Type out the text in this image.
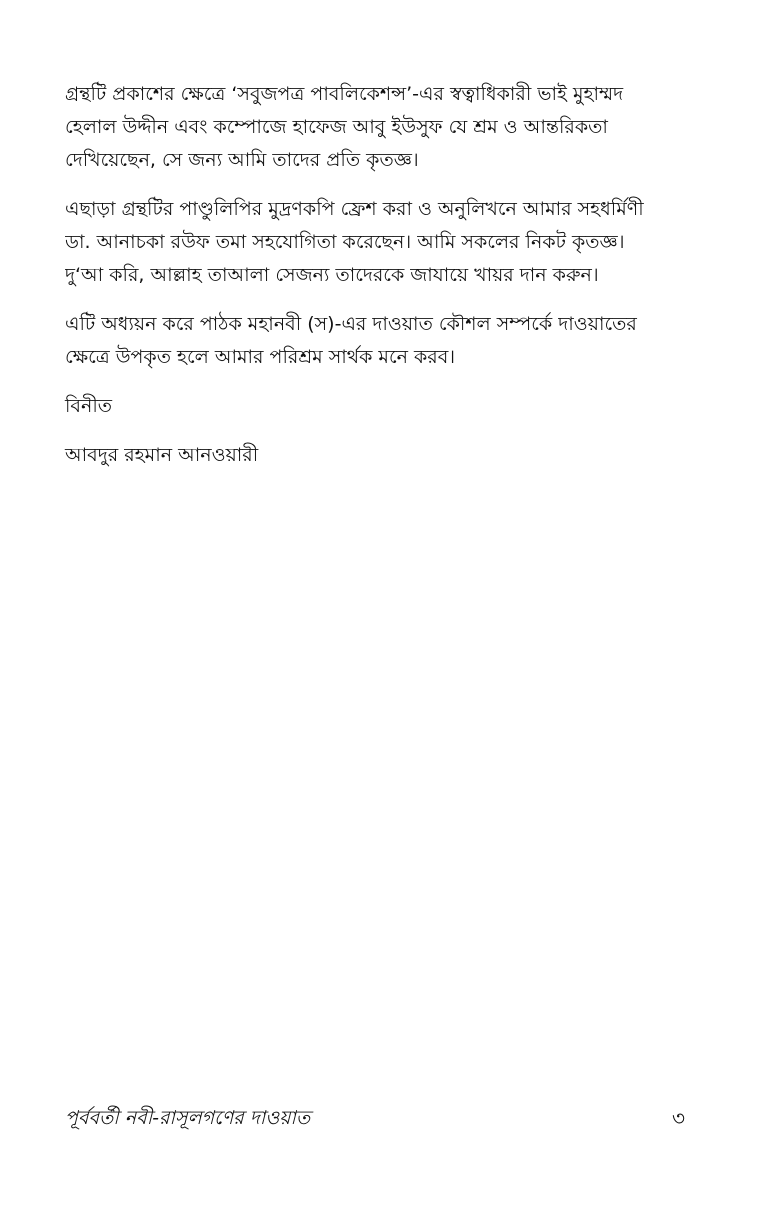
গ্রন্থটি প্রকাশের ক্ষেত্রে ‘সবুজপত্র পাবলিকেশন্স’-এর স্বত্বাধিকারী ভাই মুহাম্মদ
হেলাল উদ্দীন এবং কম্পোজে হাফেজ আবু ইউসুফ যে শ্রম ও আন্তরিকতা
দেখিয়েছেন, সে জন্য আমি তাদের প্রতি কৃতজ্ঞ।

এছাড়া গ্রন্থটির পাণ্ডুলিপির মুদ্রণকপি ফ্রেশ করা ও অনুলিখনে আমার সহধর্মিণী
ডা. আনাচকা রউফ তমা সহযোগিতা করেছেন। আমি সকলের নিকট কৃতজ্ঞ।
দু‘আ করি, আল্লাহ তাআলা সেজন্য তাদেরকে জাযায়ে খায়র দান করুন।

এটি অধ্যয়ন করে পাঠক মহানবী (স)-এর দাওয়াত কৌশল সম্পর্কে দাওয়াতের
ক্ষেত্রে উপকৃত হলে আমার পরিশ্রম সার্থক মনে করব।

বিনীত

আবদুর রহমান আনওয়ারী

পূর্ববর্তী নবী-রাসূলগণের দাওয়াত	৩
